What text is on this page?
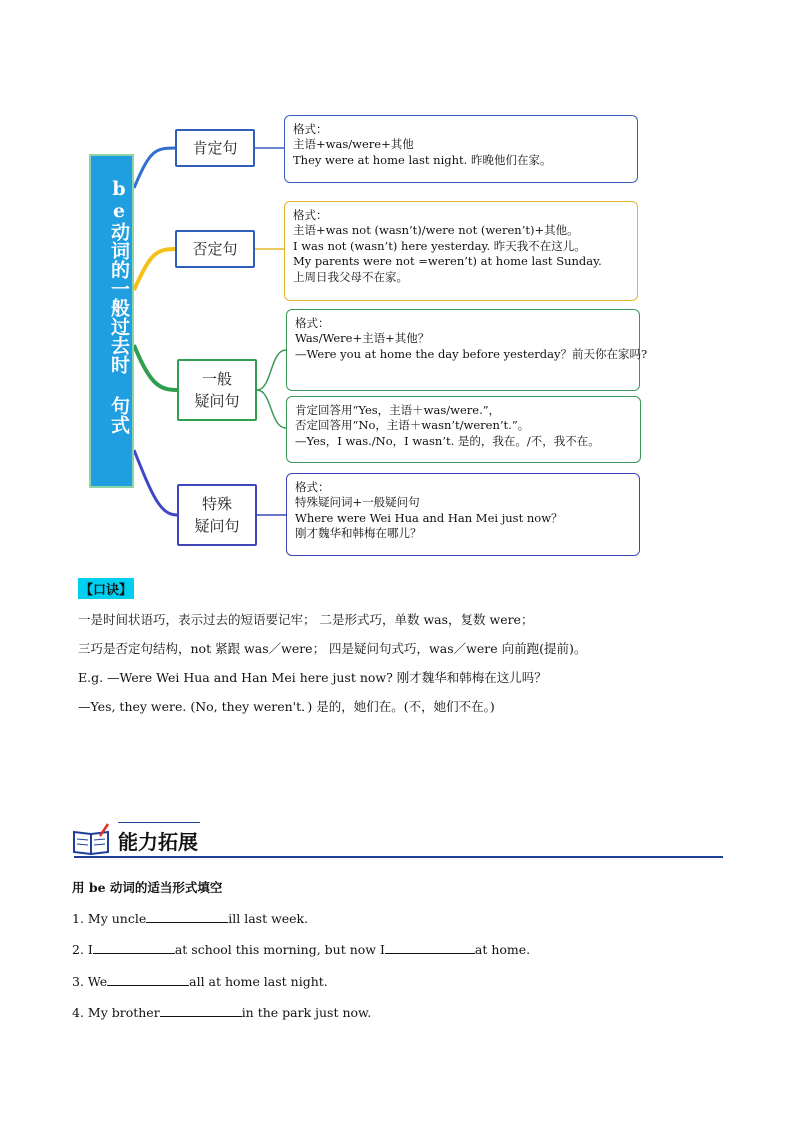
be动词的一般过去时 句式
肯定句
否定句
一般
疑问句
特殊
疑问句
格式：
主语+was/were+其他
They were at home last night. 昨晚他们在家。
格式：
主语+was not (wasn’t)/were not (weren’t)+其他。
I was not (wasn’t) here yesterday. 昨天我不在这儿。
My parents were not =weren’t) at home last Sunday.
上周日我父母不在家。
格式：
Was/Were+主语+其他？
—Were you at home the day before yesterday？前天你在家吗?
肯定回答用“Yes，主语＋was/were.”，
否定回答用“No，主语＋wasn’t/weren’t.”。
—Yes，I was./No，I wasn’t. 是的，我在。/不，我不在。
格式：
特殊疑问词+一般疑问句
Where were Wei Hua and Han Mei just now？
刚才魏华和韩梅在哪儿？
【口诀】
一是时间状语巧，表示过去的短语要记牢； 二是形式巧，单数 was，复数 were；
三巧是否定句结构，not 紧跟 was／were； 四是疑问句式巧，was／were 向前跑(提前)。
E.g. —Were Wei Hua and Han Mei here just now? 刚才魏华和韩梅在这儿吗？
—Yes, they were. (No, they weren't．) 是的，她们在。(不，她们不在。)
能力拓展
用 be 动词的适当形式填空
1. My uncle	ill last week.
2. I	at school this morning, but now I	at home.
3. We	all at home last night.
4. My brother	in the park just now.
